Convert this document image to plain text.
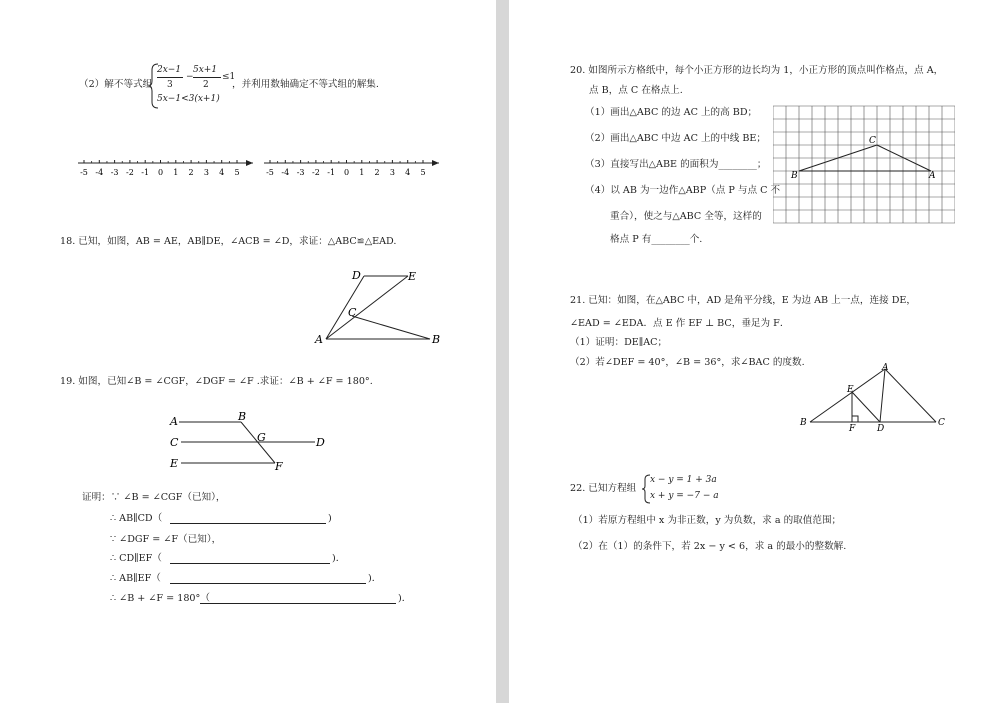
（2）解不等式组
2x−1
3
−
5x+1
2
≤1
5x−1<3(x+1)
，并利用数轴确定不等式组的解集.
-5 -4 -3 -2 -1 0 1 2 3 4 5	-5 -4 -3 -2 -1 0 1 2 3 4 5
18. 已知，如图，AB = AE，AB∥DE，∠ACB = ∠D，求证：△ABC≌△EAD.
D	E
C
A	B
19. 如图，已知∠B = ∠CGF，∠DGF = ∠F .求证：∠B + ∠F = 180°.
A	B
G
C	D
E	F
证明：∵ ∠B = ∠CGF（已知），
∴ AB∥CD（	)
∵ ∠DGF = ∠F（已知），
∴ CD∥EF（	)．
∴ AB∥EF（	)．
∴ ∠B + ∠F = 180°（	)．
20. 如图所示方格纸中，每个小正方形的边长均为 1，小正方形的顶点叫作格点，点 A，
点 B，点 C 在格点上.
（1）画出△ABC 的边 AC 上的高 BD；
（2）画出△ABC 中边 AC 上的中线 BE；
（3）直接写出△ABE 的面积为________；
（4）以 AB 为一边作△ABP（点 P 与点 C 不
重合），使之与△ABC 全等，这样的
格点 P 有________个.
C
B	A
21. 已知：如图，在△ABC 中，AD 是角平分线，E 为边 AB 上一点，连接 DE，
∠EAD = ∠EDA．点 E 作 EF ⊥ BC，垂足为 F．
（1）证明：DE∥AC；
（2）若∠DEF = 40°，∠B = 36°，求∠BAC 的度数.	A
E
B
F D
C
22. 已知方程组
x − y = 1 + 3a
x + y = −7 − a
（1）若原方程组中 x 为非正数，y 为负数，求 a 的取值范围；
（2）在（1）的条件下，若 2x − y < 6，求 a 的最小的整数解.
